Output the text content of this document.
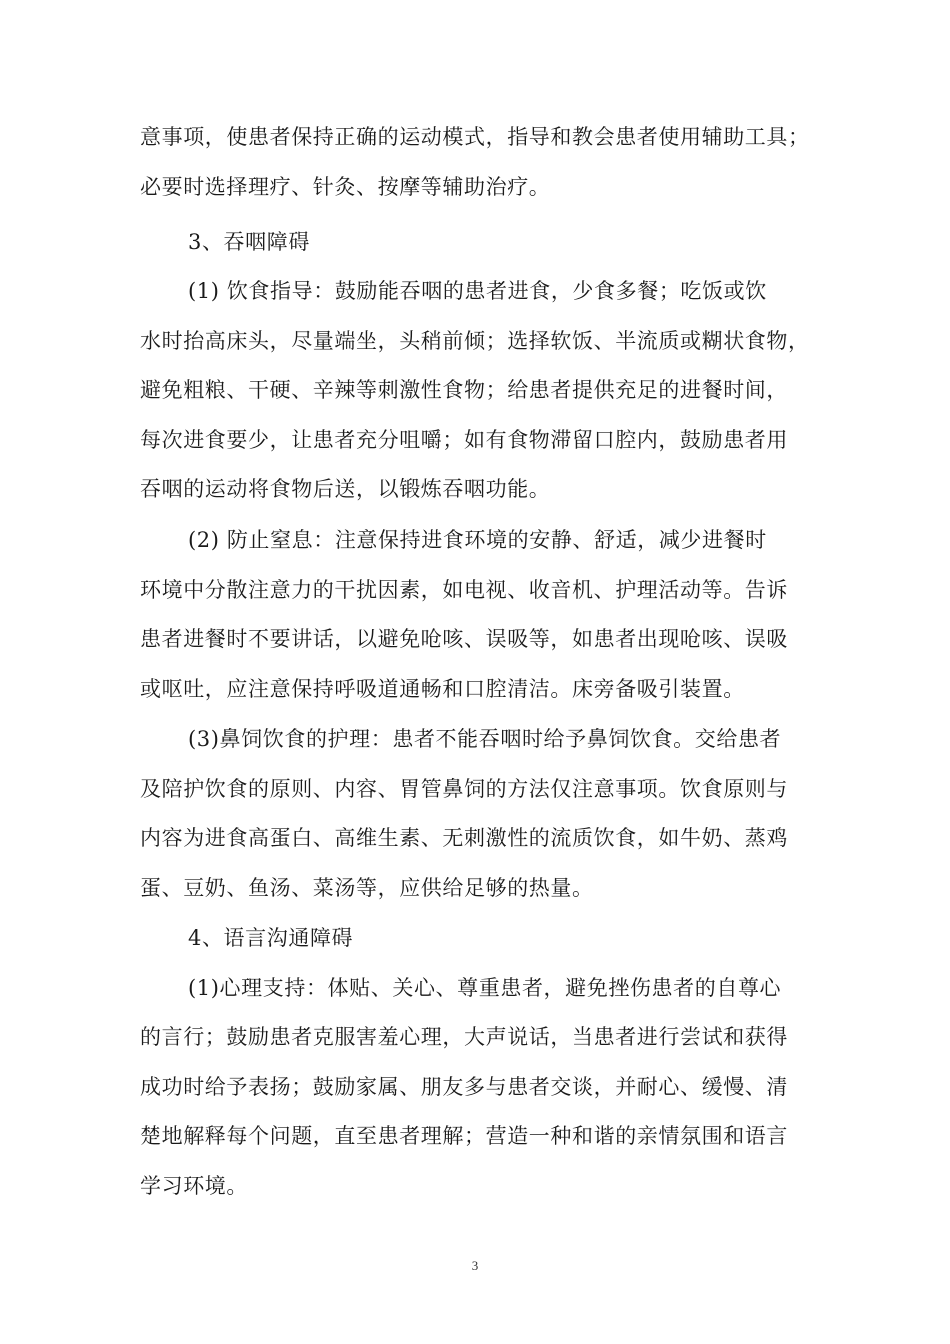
意事项，使患者保持正确的运动模式，指导和教会患者使用辅助工具；
必要时选择理疗、针灸、按摩等辅助治疗。
3、吞咽障碍
(1) 饮食指导：鼓励能吞咽的患者进食，少食多餐；吃饭或饮
水时抬高床头，尽量端坐，头稍前倾；选择软饭、半流质或糊状食物，
避免粗粮、干硬、辛辣等刺激性食物；给患者提供充足的进餐时间，
每次进食要少，让患者充分咀嚼；如有食物滞留口腔内，鼓励患者用
吞咽的运动将食物后送，以锻炼吞咽功能。
(2) 防止窒息：注意保持进食环境的安静、舒适，减少进餐时
环境中分散注意力的干扰因素，如电视、收音机、护理活动等。告诉
患者进餐时不要讲话，以避免呛咳、误吸等，如患者出现呛咳、误吸
或呕吐，应注意保持呼吸道通畅和口腔清洁。床旁备吸引装置。
(3)鼻饲饮食的护理：患者不能吞咽时给予鼻饲饮食。交给患者
及陪护饮食的原则、内容、胃管鼻饲的方法仅注意事项。饮食原则与
内容为进食高蛋白、高维生素、无刺激性的流质饮食，如牛奶、蒸鸡
蛋、豆奶、鱼汤、菜汤等，应供给足够的热量。
4、语言沟通障碍
(1)心理支持：体贴、关心、尊重患者，避免挫伤患者的自尊心
的言行；鼓励患者克服害羞心理，大声说话，当患者进行尝试和获得
成功时给予表扬；鼓励家属、朋友多与患者交谈，并耐心、缓慢、清
楚地解释每个问题，直至患者理解；营造一种和谐的亲情氛围和语言
学习环境。
3
